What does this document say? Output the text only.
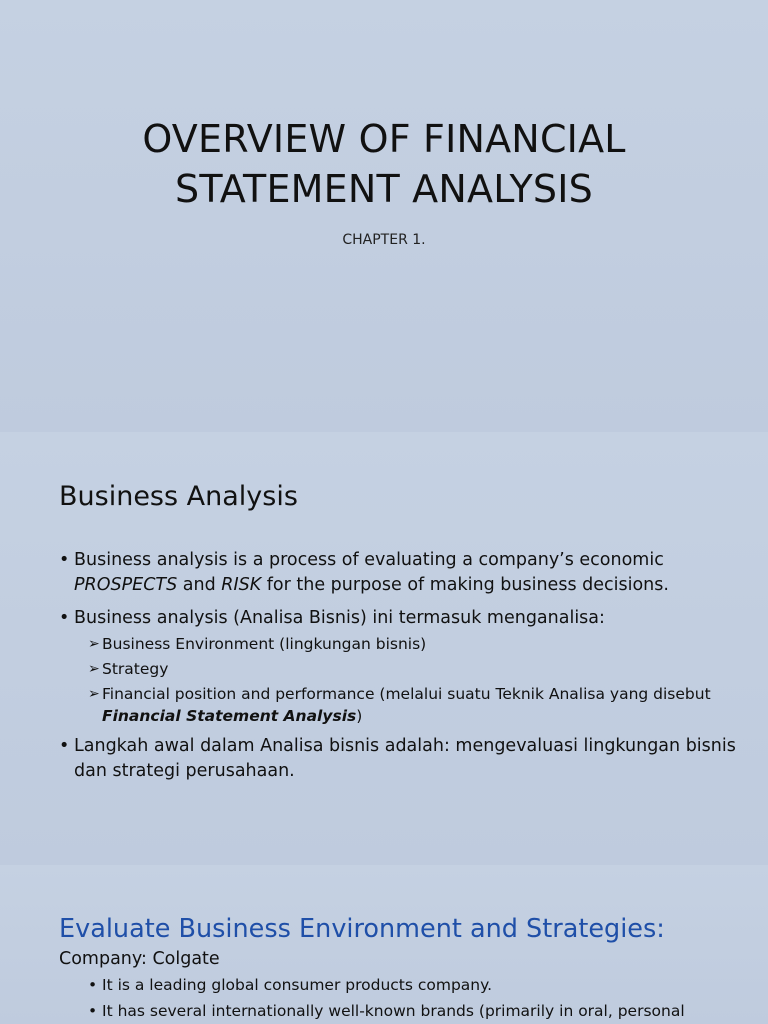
OVERVIEW OF FINANCIAL
STATEMENT ANALYSIS
CHAPTER 1.
Business Analysis
• Business analysis is a process of evaluating a company’s economic PROSPECTS and RISK for the purpose of making business decisions.
• Business analysis (Analisa Bisnis) ini termasuk menganalisa:
➢ Business Environment (lingkungan bisnis)
➢ Strategy
➢ Financial position and performance (melalui suatu Teknik Analisa yang disebut Financial Statement Analysis)
• Langkah awal dalam Analisa bisnis adalah: mengevaluasi lingkungan bisnis dan strategi perusahaan.
Evaluate Business Environment and Strategies:
Company: Colgate
• It is a leading global consumer products company.
• It has several internationally well-known brands (primarily in oral, personal
